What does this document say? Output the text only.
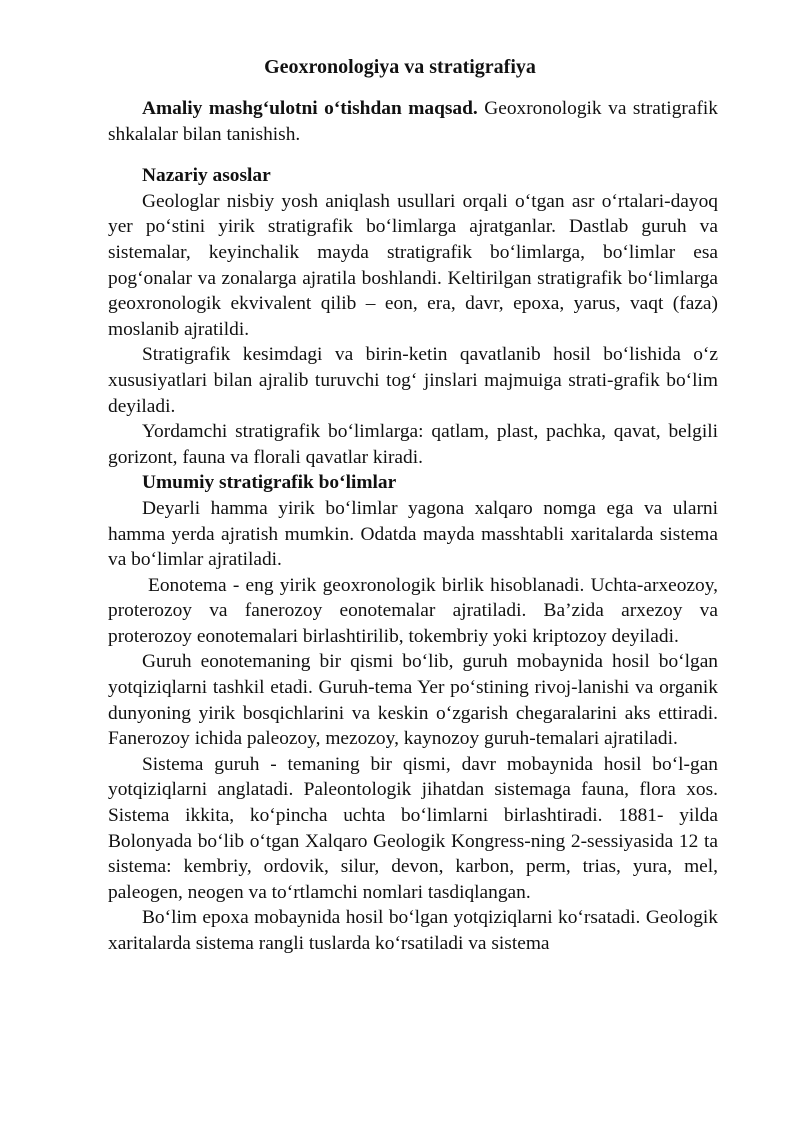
Geoxronologiya va stratigrafiya

Amaliy mashg‘ulotni o‘tishdan maqsad. Geoxronologik va stratigrafik shkalalar bilan tanishish.

Nazariy asoslar

Geologlar nisbiy yosh aniqlash usullari orqali o‘tgan asr o‘rtalari-dayoq yer po‘stini yirik stratigrafik bo‘limlarga ajratganlar. Dastlab guruh va sistemalar, keyinchalik mayda stratigrafik bo‘limlarga, bo‘limlar esa pog‘onalar va zonalarga ajratila boshlandi. Keltirilgan stratigrafik bo‘limlarga geoxronologik ekvivalent qilib – eon, era, davr, epoxa, yarus, vaqt (faza) moslanib ajratildi.

Stratigrafik kesimdagi va birin-ketin qavatlanib hosil bo‘lishida o‘z xususiyatlari bilan ajralib turuvchi tog‘ jinslari majmuiga strati-grafik bo‘lim deyiladi.

Yordamchi stratigrafik bo‘limlarga: qatlam, plast, pachka, qavat, belgili gorizont, fauna va florali qavatlar kiradi.

Umumiy stratigrafik bo‘limlar

Deyarli hamma yirik bo‘limlar yagona xalqaro nomga ega va ularni hamma yerda ajratish mumkin. Odatda mayda masshtabli xaritalarda sistema va bo‘limlar ajratiladi.

Eonotema - eng yirik geoxronologik birlik hisoblanadi. Uchta-arxeozoy, proterozoy va fanerozoy eonotemalar ajratiladi. Ba’zida arxezoy va proterozoy eonotemalari birlashtirilib, tokembriy yoki kriptozoy deyiladi.

Guruh eonotemaning bir qismi bo‘lib, guruh mobaynida hosil bo‘lgan yotqiziqlarni tashkil etadi. Guruh-tema Yer po‘stining rivoj-lanishi va organik dunyoning yirik bosqichlarini va keskin o‘zgarish chegaralarini aks ettiradi. Fanerozoy ichida paleozoy, mezozoy, kaynozoy guruh-temalari ajratiladi.

Sistema guruh - temaning bir qismi, davr mobaynida hosil bo‘l-gan yotqiziqlarni anglatadi. Paleontologik jihatdan sistemaga fauna, flora xos. Sistema ikkita, ko‘pincha uchta bo‘limlarni birlashtiradi. 1881- yilda Bolonyada bo‘lib o‘tgan Xalqaro Geologik Kongress-ning 2-sessiyasida 12 ta sistema: kembriy, ordovik, silur, devon, karbon, perm, trias, yura, mel, paleogen, neogen va to‘rtlamchi nomlari tasdiqlangan.

Bo‘lim epoxa mobaynida hosil bo‘lgan yotqiziqlarni ko‘rsatadi. Geologik xaritalarda sistema rangli tuslarda ko‘rsatiladi va sistema
